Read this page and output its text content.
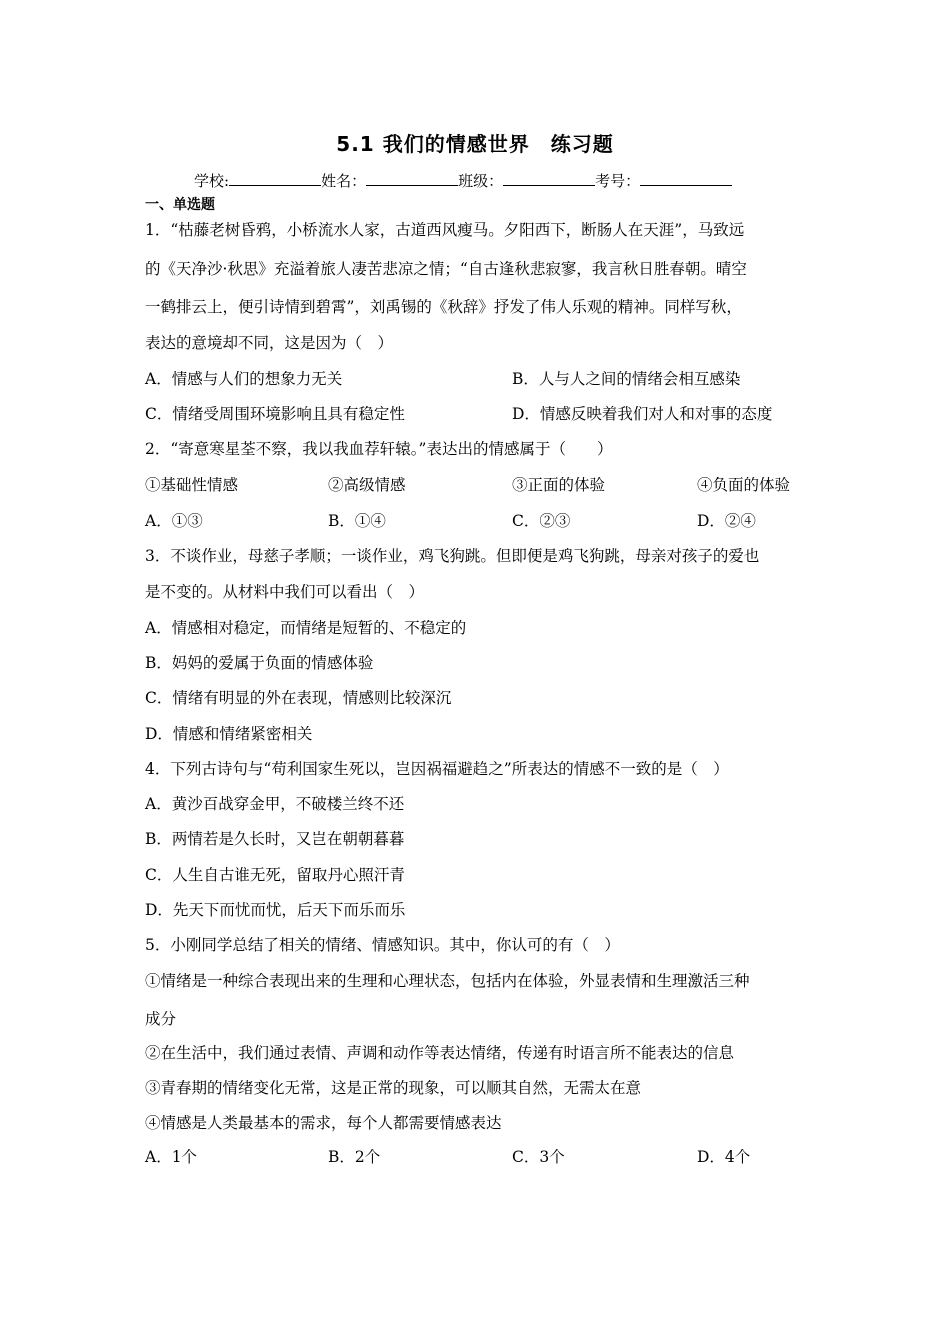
5.1 我们的情感世界　练习题
学校:	姓名：	班级：	考号：
一、单选题
1．“枯藤老树昏鸦，小桥流水人家，古道西风瘦马。夕阳西下，断肠人在天涯”，马致远
的《天净沙·秋思》充溢着旅人凄苦悲凉之情；“自古逢秋悲寂寥，我言秋日胜春朝。晴空
一鹤排云上，便引诗情到碧霄”，刘禹锡的《秋辞》抒发了伟人乐观的精神。同样写秋，
表达的意境却不同，这是因为（　）
A．情感与人们的想象力无关	B．人与人之间的情绪会相互感染
C．情绪受周围环境影响且具有稳定性	D．情感反映着我们对人和对事的态度
2．“寄意寒星荃不察，我以我血荐轩辕。”表达出的情感属于（　　）
①基础性情感	②高级情感	③正面的体验	④负面的体验
A．①③	B．①④	C．②③	D．②④
3．不谈作业，母慈子孝顺；一谈作业，鸡飞狗跳。但即便是鸡飞狗跳，母亲对孩子的爱也
是不变的。从材料中我们可以看出（　）
A．情感相对稳定，而情绪是短暂的、不稳定的
B．妈妈的爱属于负面的情感体验
C．情绪有明显的外在表现，情感则比较深沉
D．情感和情绪紧密相关
4．下列古诗句与“苟利国家生死以，岂因祸福避趋之”所表达的情感不一致的是（　）
A．黄沙百战穿金甲，不破楼兰终不还
B．两情若是久长时，又岂在朝朝暮暮
C．人生自古谁无死，留取丹心照汗青
D．先天下而忧而忧，后天下而乐而乐
5．小刚同学总结了相关的情绪、情感知识。其中，你认可的有（　）
①情绪是一种综合表现出来的生理和心理状态，包括内在体验，外显表情和生理激活三种
成分
②在生活中，我们通过表情、声调和动作等表达情绪，传递有时语言所不能表达的信息
③青春期的情绪变化无常，这是正常的现象，可以顺其自然，无需太在意
④情感是人类最基本的需求，每个人都需要情感表达
A．1个	B．2个	C．3个	D．4个
